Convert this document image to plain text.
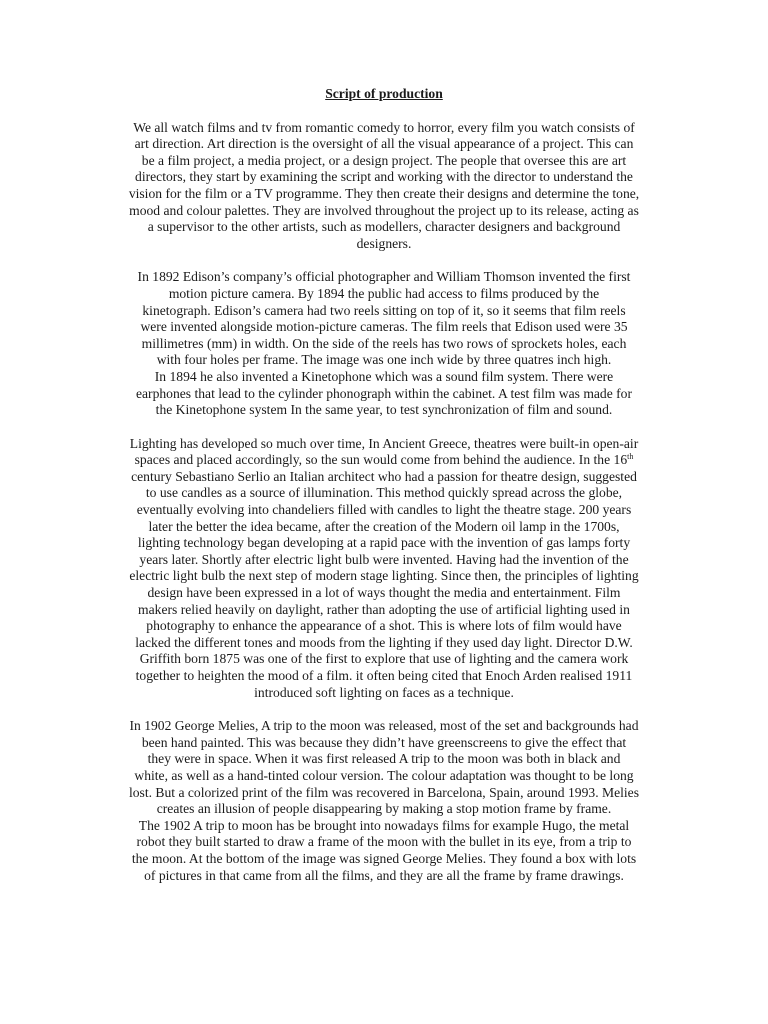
Script of production
We all watch films and tv from romantic comedy to horror, every film you watch consists of
art direction. Art direction is the oversight of all the visual appearance of a project. This can
be a film project, a media project, or a design project. The people that oversee this are art
directors, they start by examining the script and working with the director to understand the
vision for the film or a TV programme. They then create their designs and determine the tone,
mood and colour palettes. They are involved throughout the project up to its release, acting as
a supervisor to the other artists, such as modellers, character designers and background
designers.
In 1892 Edison’s company’s official photographer and William Thomson invented the first
motion picture camera. By 1894 the public had access to films produced by the
kinetograph. Edison’s camera had two reels sitting on top of it, so it seems that film reels
were invented alongside motion-picture cameras. The film reels that Edison used were 35
millimetres (mm) in width. On the side of the reels has two rows of sprockets holes, each
with four holes per frame. The image was one inch wide by three quatres inch high.
In 1894 he also invented a Kinetophone which was a sound film system. There were
earphones that lead to the cylinder phonograph within the cabinet. A test film was made for
the Kinetophone system In the same year, to test synchronization of film and sound.
Lighting has developed so much over time, In Ancient Greece, theatres were built-in open-air
spaces and placed accordingly, so the sun would come from behind the audience. In the 16th
century Sebastiano Serlio an Italian architect who had a passion for theatre design, suggested
to use candles as a source of illumination. This method quickly spread across the globe,
eventually evolving into chandeliers filled with candles to light the theatre stage. 200 years
later the better the idea became, after the creation of the Modern oil lamp in the 1700s,
lighting technology began developing at a rapid pace with the invention of gas lamps forty
years later. Shortly after electric light bulb were invented. Having had the invention of the
electric light bulb the next step of modern stage lighting. Since then, the principles of lighting
design have been expressed in a lot of ways thought the media and entertainment. Film
makers relied heavily on daylight, rather than adopting the use of artificial lighting used in
photography to enhance the appearance of a shot. This is where lots of film would have
lacked the different tones and moods from the lighting if they used day light. Director D.W.
Griffith born 1875 was one of the first to explore that use of lighting and the camera work
together to heighten the mood of a film. it often being cited that Enoch Arden realised 1911
introduced soft lighting on faces as a technique.
In 1902 George Melies, A trip to the moon was released, most of the set and backgrounds had
been hand painted. This was because they didn’t have greenscreens to give the effect that
they were in space. When it was first released A trip to the moon was both in black and
white, as well as a hand-tinted colour version. The colour adaptation was thought to be long
lost. But a colorized print of the film was recovered in Barcelona, Spain, around 1993. Melies
creates an illusion of people disappearing by making a stop motion frame by frame.
The 1902 A trip to moon has be brought into nowadays films for example Hugo, the metal
robot they built started to draw a frame of the moon with the bullet in its eye, from a trip to
the moon. At the bottom of the image was signed George Melies. They found a box with lots
of pictures in that came from all the films, and they are all the frame by frame drawings.
